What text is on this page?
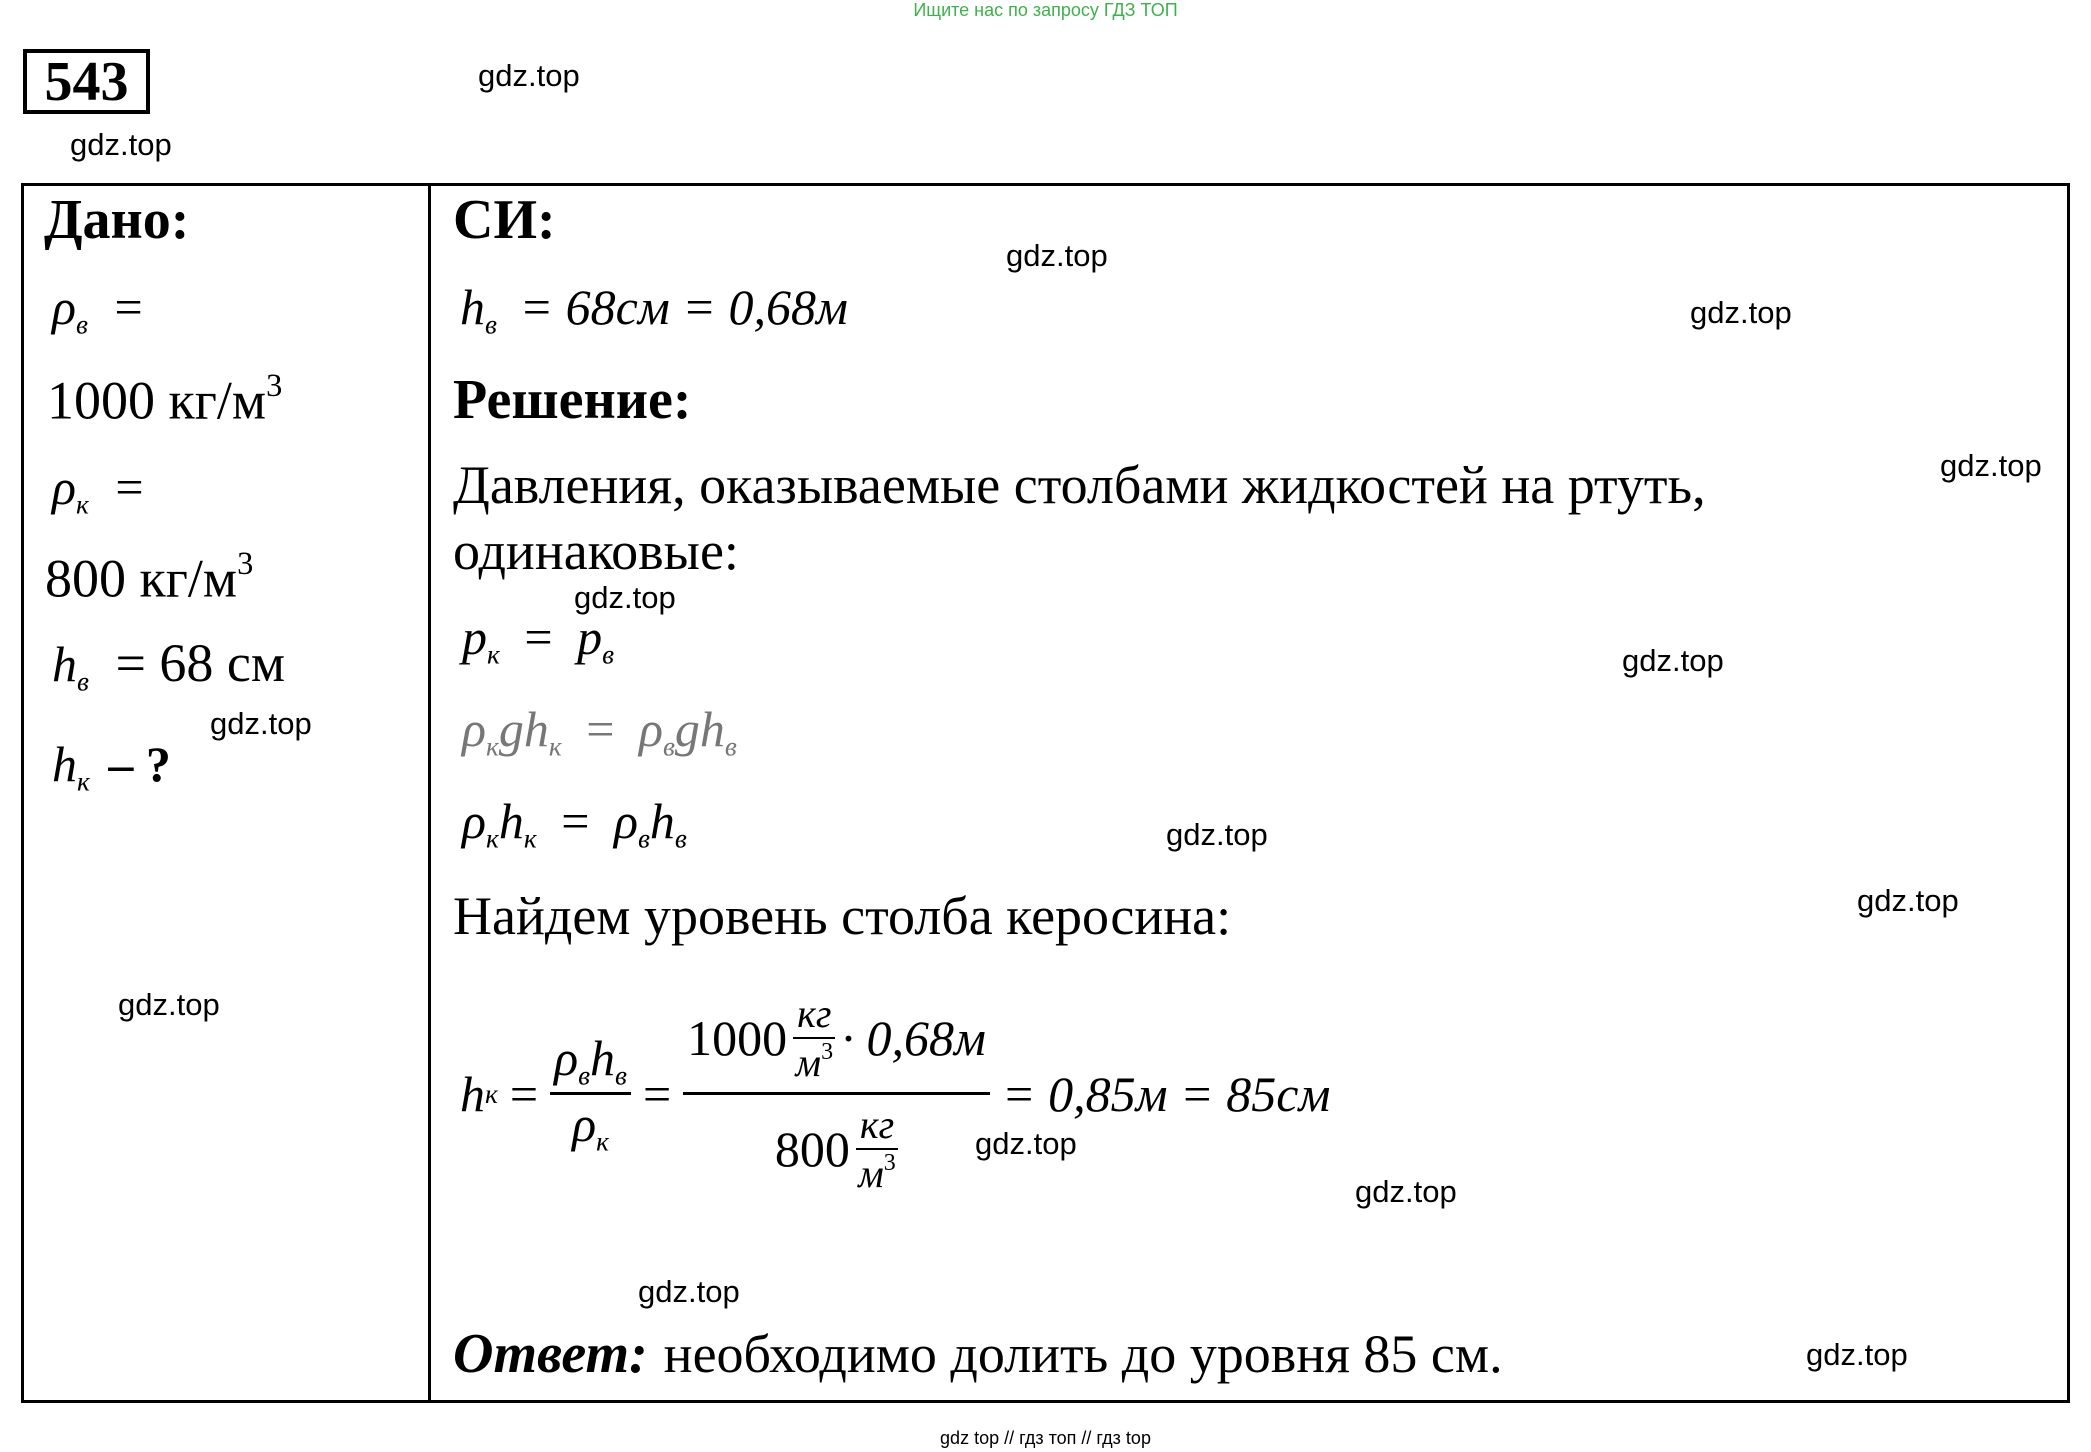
Ищите нас по запросу ГДЗ ТОП
543
Дано:
$\rho_в$ =
1000 $кг/м^3$
$\rho_к$ =
800 $кг/м^3$
$h_в = 68$ см
$h_к$ – ?
СИ:
$h_в = 68см = 0,68м$
Решение:
Давления, оказываемые столбами жидкостей на ртуть,
одинаковые:
$p_к = p_в$
$\rho_кgh_к = \rho_вgh_в$
$\rho_кh_к = \rho_вh_в$
Найдем уровень столба керосина:
h $к = \frac{\rho_вh_в}{\rho_к} = \frac{1000 \frac{кг}{м^3} \cdot 0,68м}{800 \frac{кг}{м^3}} = 0,85м = 85см$
Ответ: необходимо долить до уровня 85 см.
gdz.top
gdz.top
gdz.top
gdz.top
gdz.top
gdz.top
gdz.top
gdz.top
gdz.top
gdz.top
gdz.top
gdz.top
gdz.top
gdz.top
gdz.top
gdz top // гдз топ // гдз top
